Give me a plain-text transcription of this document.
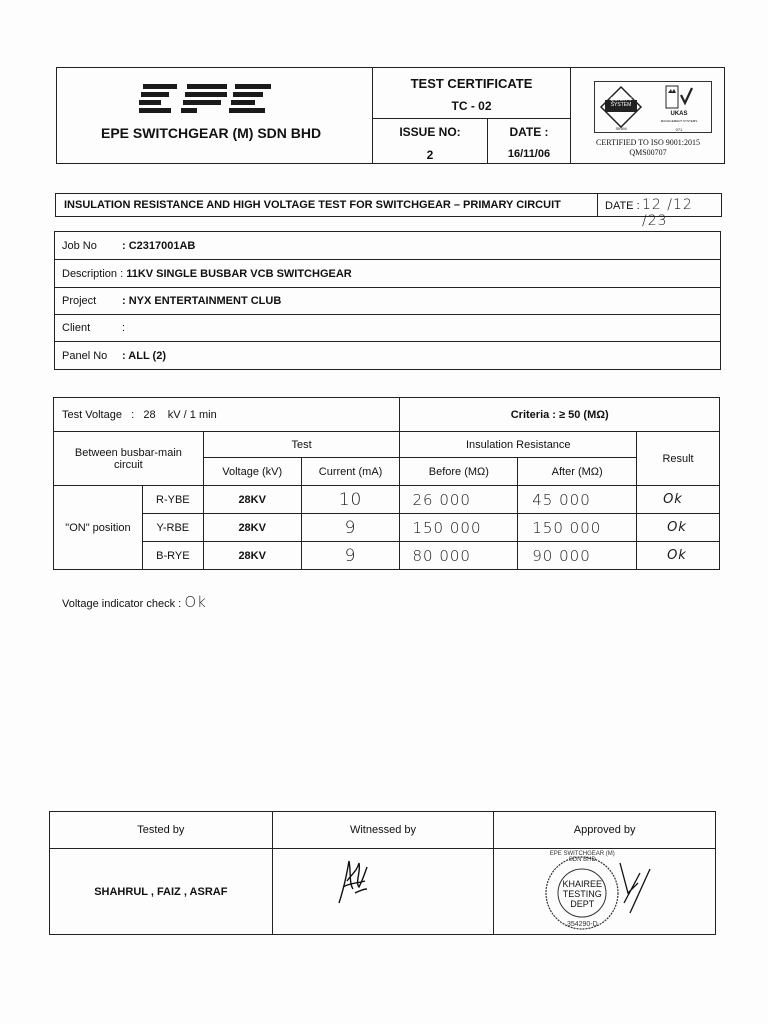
EPE SWITCHGEAR (M) SDN BHD
TEST CERTIFICATE
TC - 02
ISSUE NO:
2
DATE :
16/11/06
QUALITY SYSTEM
SIRIM
UKAS
MANAGEMENT SYSTEMS
071
CERTIFIED TO ISO 9001:2015
QMS00707
INSULATION RESISTANCE AND HIGH VOLTAGE TEST FOR SWITCHGEAR – PRIMARY CIRCUIT	DATE : 12 /12 /23
Job No : C2317001AB
Description : 11KV SINGLE BUSBAR VCB SWITCHGEAR
Project : NYX ENTERTAINMENT CLUB
Client	:
Panel No : ALL (2)
Test Voltage   :   28    kV / 1 min				Criteria : ≥ 50 (MΩ)		
Between busbar-main circuit		Test		Insulation Resistance		Result
		Voltage (kV)	Current (mA)	Before (MΩ)	After (MΩ)	
"ON" position	R-YBE	28KV	10	26 000	45 000	Ok
	Y-RBE	28KV	9	150 000	150 000	Ok
	B-RYE	28KV	9	80 000	90 000	Ok
Voltage indicator check : Ok
Tested by	Witnessed by	Approved by
SHAHRUL , FAIZ , ASRAF		EPE SWITCHGEAR (M) SDN BHD
KHAIREE
TESTING
DEPT
354290-D
